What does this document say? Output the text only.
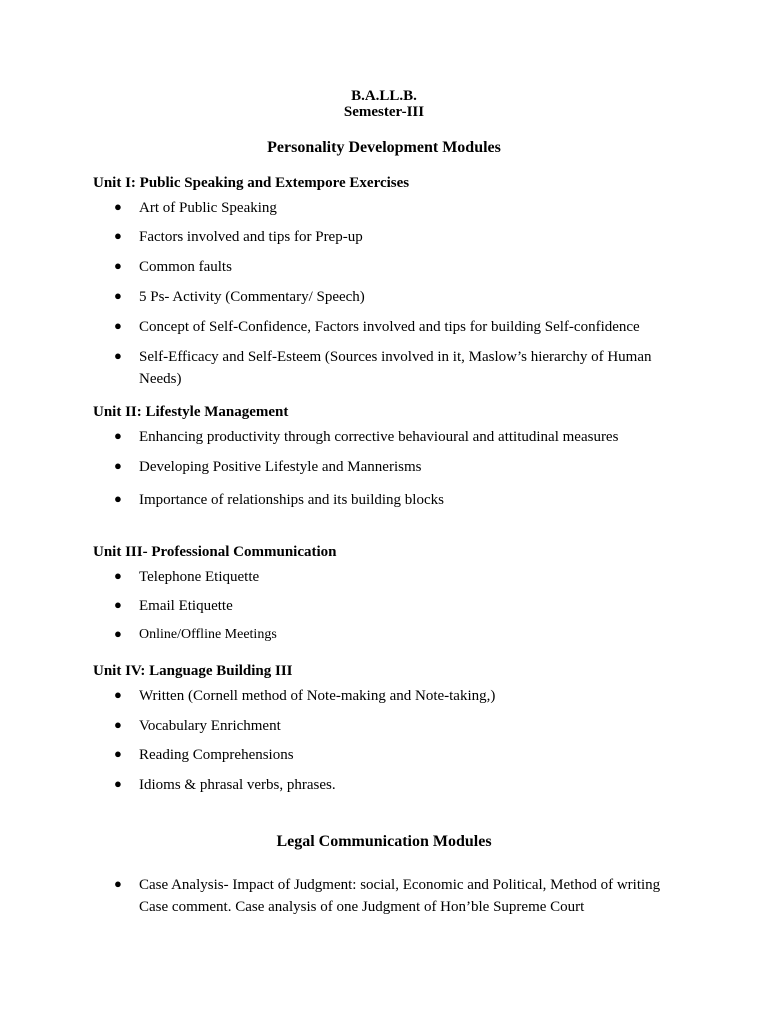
B.A.LL.B.
Semester-III
Personality Development Modules
Unit I: Public Speaking and Extempore Exercises
●	Art of Public Speaking
●	Factors involved and tips for Prep-up
●	Common faults
●	5 Ps- Activity (Commentary/ Speech)
●	Concept of Self-Confidence, Factors involved and tips for building Self-confidence
●	Self-Efficacy and Self-Esteem (Sources involved in it, Maslow’s hierarchy of Human Needs)
Unit II: Lifestyle Management
●	Enhancing productivity through corrective behavioural and attitudinal measures
●	Developing Positive Lifestyle and Mannerisms
●	Importance of relationships and its building blocks
Unit III- Professional Communication
●	Telephone Etiquette
●	Email Etiquette
●	Online/Offline Meetings
Unit IV: Language Building III
●	Written (Cornell method of Note-making and Note-taking,)
●	Vocabulary Enrichment
●	Reading Comprehensions
●	Idioms & phrasal verbs, phrases.
Legal Communication Modules
●	Case Analysis- Impact of Judgment: social, Economic and Political, Method of writing Case comment. Case analysis of one Judgment of Hon’ble Supreme Court
